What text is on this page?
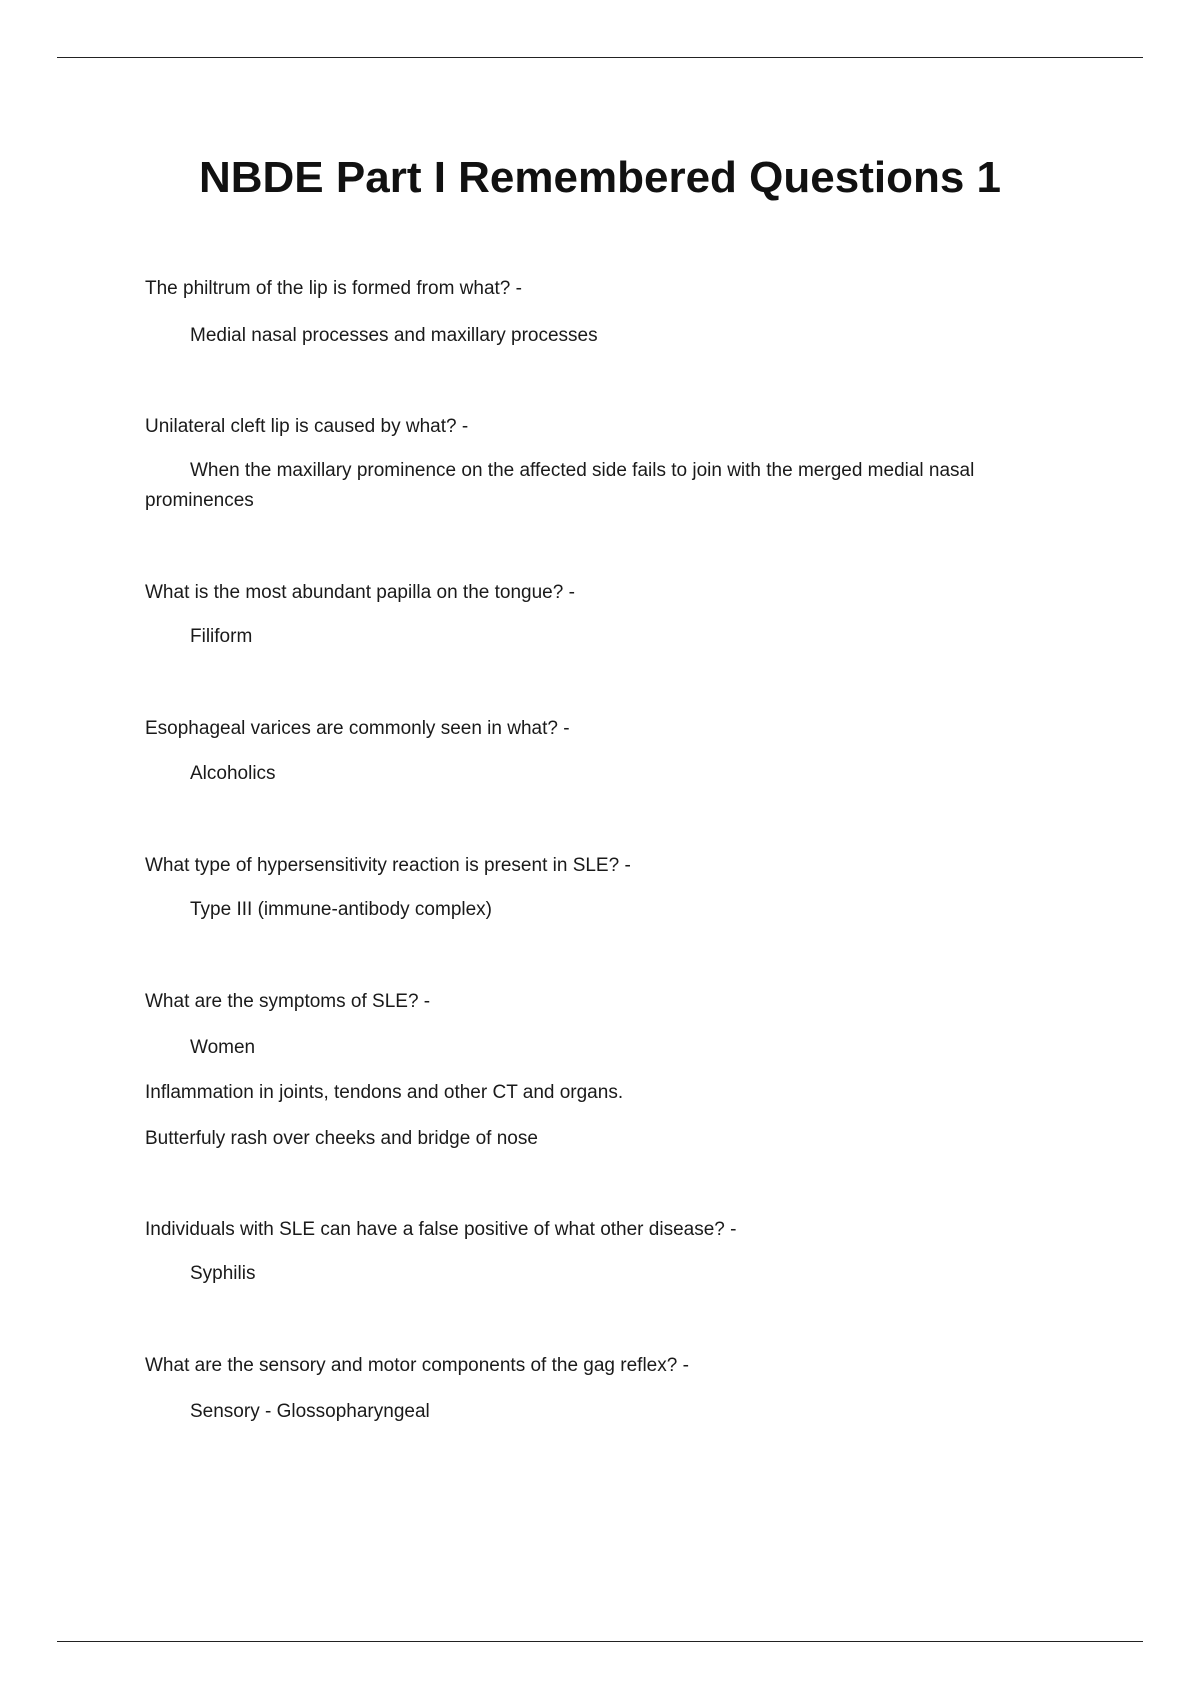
NBDE Part I Remembered Questions 1
The philtrum of the lip is formed from what? -
Medial nasal processes and maxillary processes
Unilateral cleft lip is caused by what? -
When the maxillary prominence on the affected side fails to join with the merged medial nasal prominences
What is the most abundant papilla on the tongue? -
Filiform
Esophageal varices are commonly seen in what? -
Alcoholics
What type of hypersensitivity reaction is present in SLE? -
Type III (immune-antibody complex)
What are the symptoms of SLE? -
Women
Inflammation in joints, tendons and other CT and organs.
Butterfuly rash over cheeks and bridge of nose
Individuals with SLE can have a false positive of what other disease? -
Syphilis
What are the sensory and motor components of the gag reflex? -
Sensory - Glossopharyngeal
